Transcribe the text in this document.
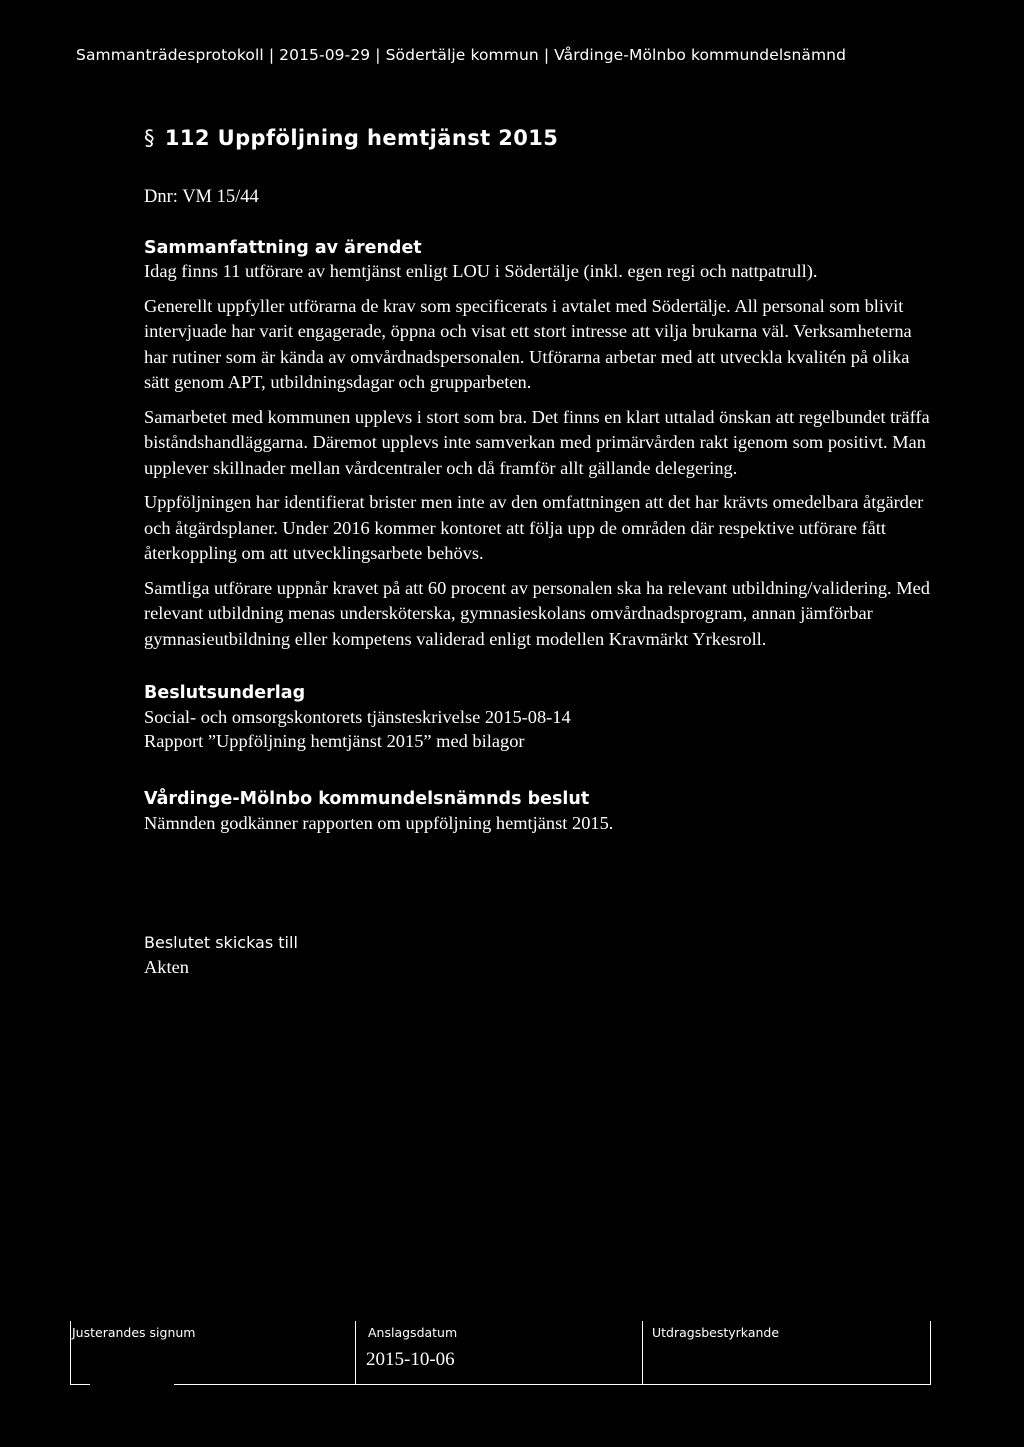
Sammanträdesprotokoll | 2015-09-29 | Södertälje kommun | Vårdinge-Mölnbo kommundelsnämnd
§ 112 Uppföljning hemtjänst 2015
Dnr: VM 15/44
Sammanfattning av ärendet

Idag finns 11 utförare av hemtjänst enligt LOU i Södertälje (inkl. egen regi och nattpatrull).

Generellt uppfyller utförarna de krav som specificerats i avtalet med Södertälje. All personal som blivit intervjuade har varit engagerade, öppna och visat ett stort intresse att vilja brukarna väl. Verksamheterna har rutiner som är kända av omvårdnadspersonalen. Utförarna arbetar med att utveckla kvalitén på olika sätt genom APT, utbildningsdagar och grupparbeten.

Samarbetet med kommunen upplevs i stort som bra. Det finns en klart uttalad önskan att regelbundet träffa biståndshandläggarna. Däremot upplevs inte samverkan med primärvården rakt igenom som positivt. Man upplever skillnader mellan vårdcentraler och då framför allt gällande delegering.

Uppföljningen har identifierat brister men inte av den omfattningen att det har krävts omedelbara åtgärder och åtgärdsplaner. Under 2016 kommer kontoret att följa upp de områden där respektive utförare fått återkoppling om att utvecklingsarbete behövs.

Samtliga utförare uppnår kravet på att 60 procent av personalen ska ha relevant utbildning/validering. Med relevant utbildning menas undersköterska, gymnasieskolans omvårdnadsprogram, annan jämförbar gymnasieutbildning eller kompetens validerad enligt modellen Kravmärkt Yrkesroll.

Beslutsunderlag

Social- och omsorgskontorets tjänsteskrivelse 2015-08-14

Rapport ”Uppföljning hemtjänst 2015” med bilagor

Vårdinge-Mölnbo kommundelsnämnds beslut

Nämnden godkänner rapporten om uppföljning hemtjänst 2015.

Beslutet skickas till
Akten
Justerandes signum	Anslagsdatum
2015-10-06
Utdragsbestyrkande
